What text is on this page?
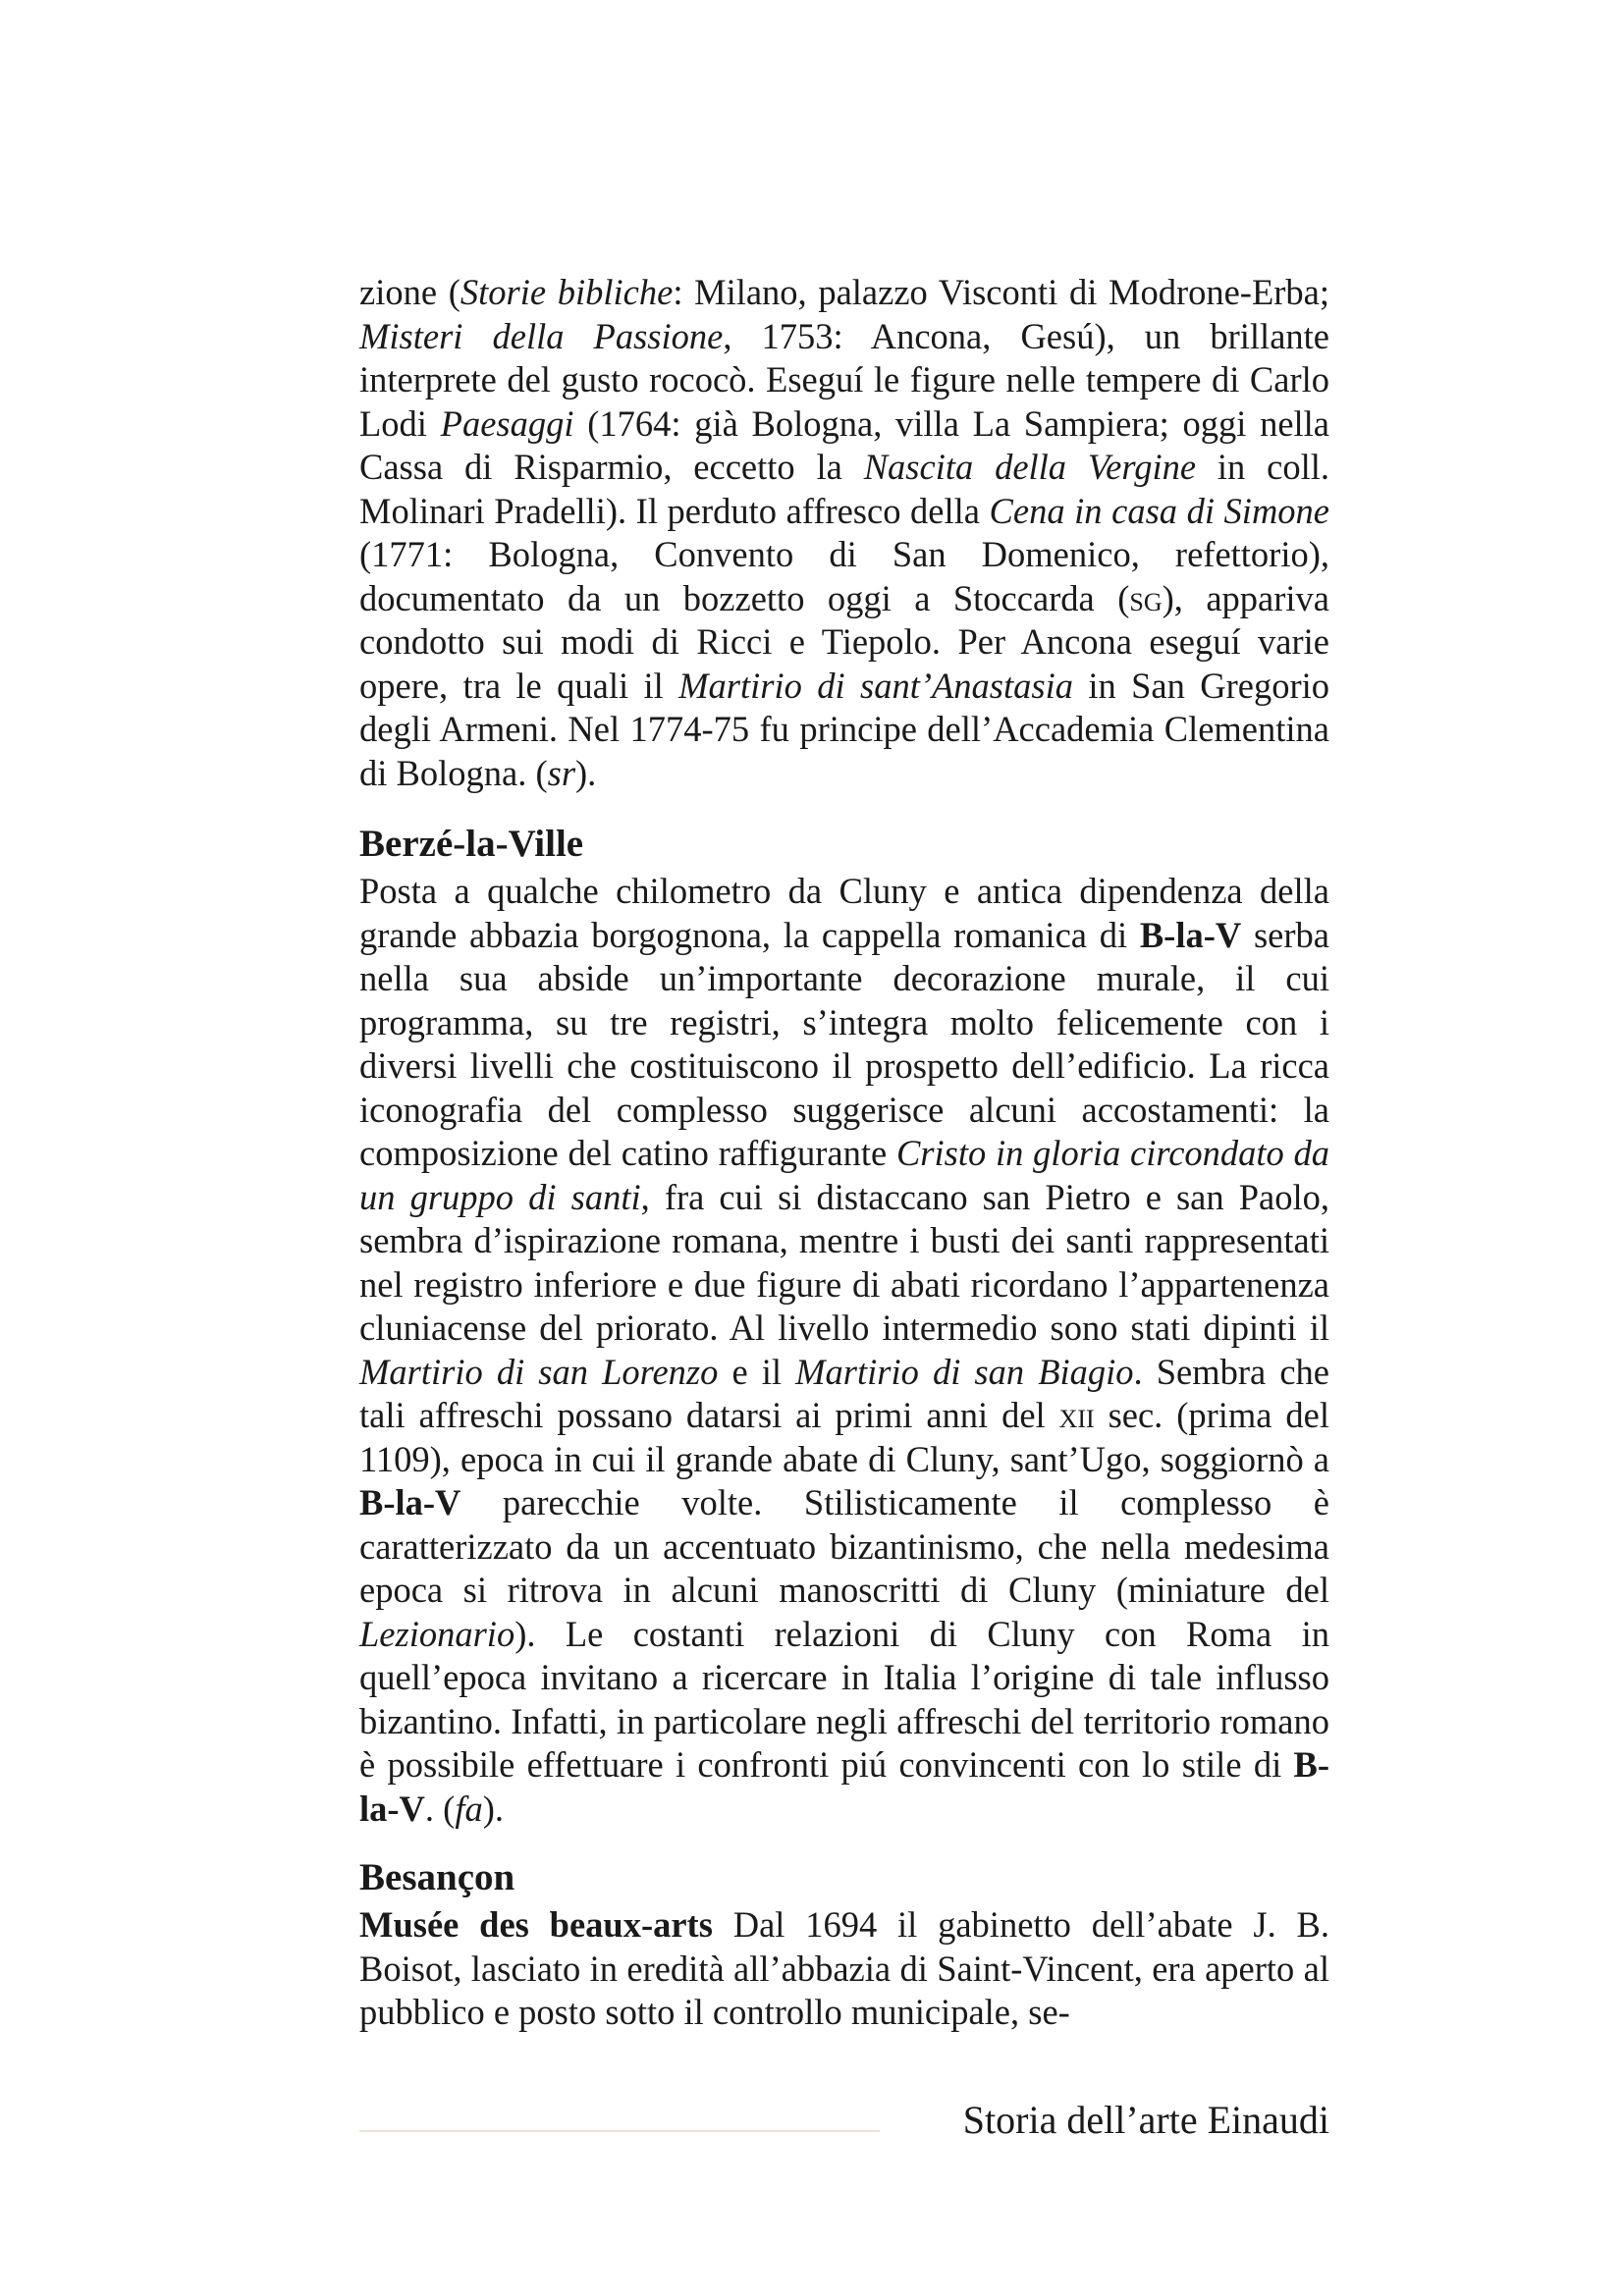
zione (Storie bibliche: Milano, palazzo Visconti di Modrone-Erba; Misteri della Passione, 1753: Ancona, Gesú), un brillante interprete del gusto rococò. Eseguí le figure nelle tempere di Carlo Lodi Paesaggi (1764: già Bologna, villa La Sampiera; oggi nella Cassa di Risparmio, eccetto la Nascita della Vergine in coll. Molinari Pradelli). Il perduto affresco della Cena in casa di Simone (1771: Bologna, Convento di San Domenico, refettorio), documentato da un bozzetto oggi a Stoccarda (sg), appariva condotto sui modi di Ricci e Tiepolo. Per Ancona eseguí varie opere, tra le quali il Martirio di sant’Anastasia in San Gregorio degli Armeni. Nel 1774-75 fu principe dell’Accademia Clementina di Bologna. (sr).

Berzé-la-Ville

Posta a qualche chilometro da Cluny e antica dipendenza della grande abbazia borgognona, la cappella romanica di B-la-V serba nella sua abside un’importante decorazione murale, il cui programma, su tre registri, s’integra molto felicemente con i diversi livelli che costituiscono il prospetto dell’edificio. La ricca iconografia del complesso suggerisce alcuni accostamenti: la composizione del catino raffigurante Cristo in gloria circondato da un gruppo di santi, fra cui si distaccano san Pietro e san Paolo, sembra d’ispirazione romana, mentre i busti dei santi rappresentati nel registro inferiore e due figure di abati ricordano l’appartenenza cluniacense del priorato. Al livello intermedio sono stati dipinti il Martirio di san Lorenzo e il Martirio di san Biagio. Sembra che tali affreschi possano datarsi ai primi anni del xii sec. (prima del 1109), epoca in cui il grande abate di Cluny, sant’Ugo, soggiornò a B-la-V parecchie volte. Stilisticamente il complesso è caratterizzato da un accentuato bizantinismo, che nella medesima epoca si ritrova in alcuni manoscritti di Cluny (miniature del Lezionario). Le costanti relazioni di Cluny con Roma in quell’epoca invitano a ricercare in Italia l’origine di tale influsso bizantino. Infatti, in particolare negli affreschi del territorio romano è possibile effettuare i confronti piú convincenti con lo stile di B-la-V. (fa).

Besançon

Musée des beaux-arts Dal 1694 il gabinetto dell’abate J. B. Boisot, lasciato in eredità all’abbazia di Saint-Vincent, era aperto al pubblico e posto sotto il controllo municipale, se-

Storia dell’arte Einaudi
